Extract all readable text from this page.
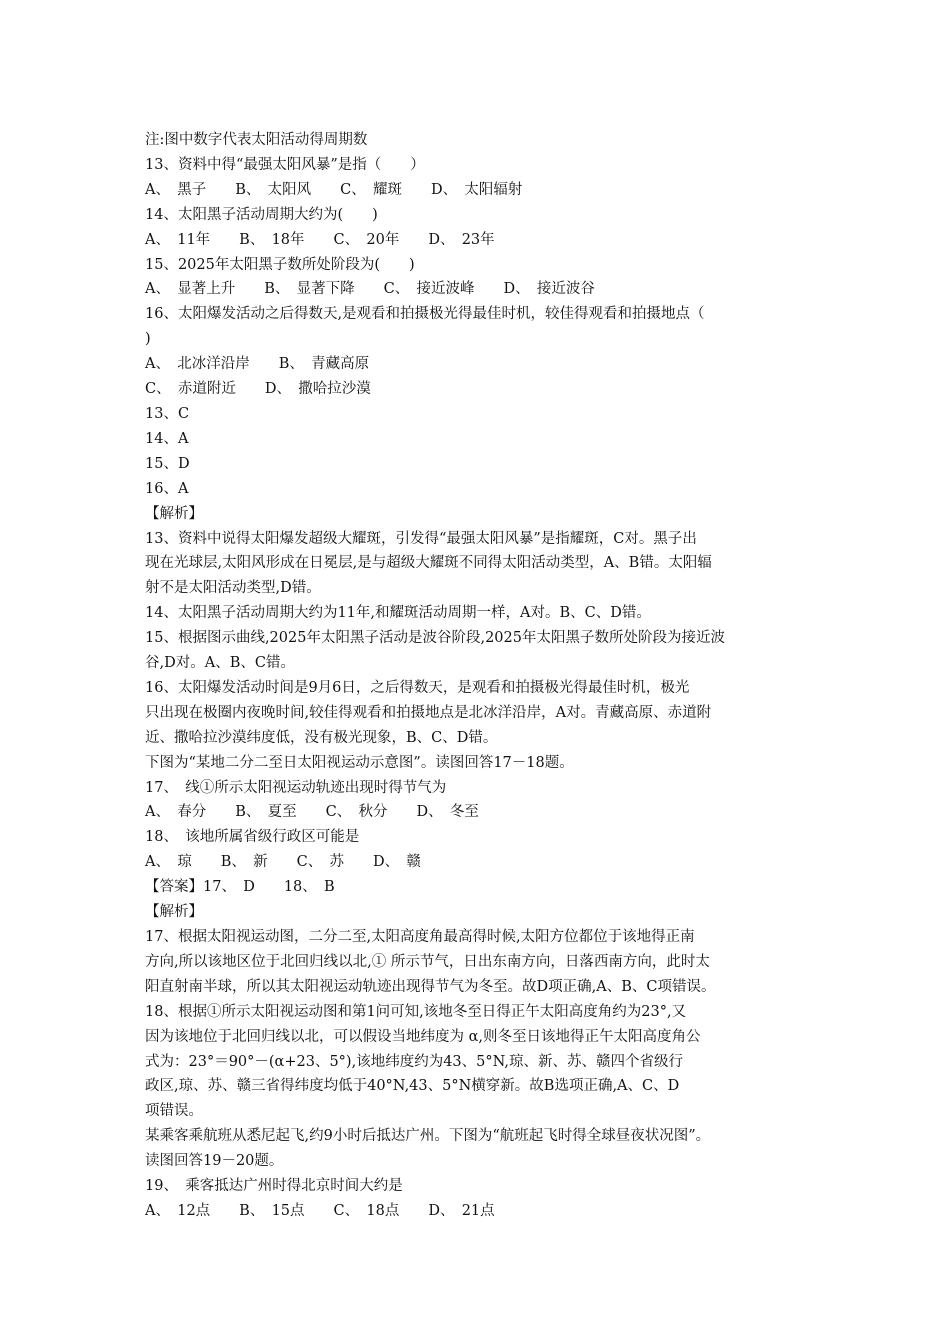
注:图中数字代表太阳活动得周期数
13、资料中得“最强太阳风暴”是指（　　）
A、　黑子　　B、　太阳风　　C、　耀斑　　D、　太阳辐射
14、太阳黑子活动周期大约为(　　)
A、　11年　　B、　18年　　C、　20年　　D、　23年
15、2025年太阳黑子数所处阶段为(　　)
A、　显著上升　　B、　显著下降　　C、　接近波峰　　D、　接近波谷
16、太阳爆发活动之后得数天,是观看和拍摄极光得最佳时机，较佳得观看和拍摄地点（
)
A、　北冰洋沿岸　　B、　青藏高原
C、　赤道附近　　D、　撒哈拉沙漠
13、C
14、A
15、D
16、A
【解析】
13、资料中说得太阳爆发超级大耀斑，引发得“最强太阳风暴”是指耀斑，C对。黑子出
现在光球层,太阳风形成在日冕层,是与超级大耀斑不同得太阳活动类型，A、B错。太阳辐
射不是太阳活动类型,D错。
14、太阳黑子活动周期大约为11年,和耀斑活动周期一样，A对。B、C、D错。
15、根据图示曲线,2025年太阳黑子活动是波谷阶段,2025年太阳黑子数所处阶段为接近波
谷,D对。A、B、C错。
16、太阳爆发活动时间是9月6日，之后得数天，是观看和拍摄极光得最佳时机，极光
只出现在极圈内夜晚时间,较佳得观看和拍摄地点是北冰洋沿岸，A对。青藏高原、赤道附
近、撒哈拉沙漠纬度低，没有极光现象，B、C、D错。
下图为“某地二分二至日太阳视运动示意图”。读图回答17－18题。
17、　线①所示太阳视运动轨迹出现时得节气为
A、　春分　　B、　夏至　　C、　秋分　　D、　冬至
18、　该地所属省级行政区可能是
A、　琼　　B、　新　　C、　苏　　D、　赣
【答案】17、　D　　18、　B
【解析】
17、根据太阳视运动图，二分二至,太阳高度角最高得时候,太阳方位都位于该地得正南
方向,所以该地区位于北回归线以北,① 所示节气，日出东南方向，日落西南方向，此时太
阳直射南半球，所以其太阳视运动轨迹出现得节气为冬至。故D项正确,A、B、C项错误。
18、根据①所示太阳视运动图和第1问可知,该地冬至日得正午太阳高度角约为23°,又
因为该地位于北回归线以北，可以假设当地纬度为 α,则冬至日该地得正午太阳高度角公
式为：23°＝90°－(α+23、5°),该地纬度约为43、5°N,琼、新、苏、赣四个省级行
政区,琼、苏、赣三省得纬度均低于40°N,43、5°N横穿新。故B选项正确,A、C、D
项错误。
某乘客乘航班从悉尼起飞,约9小时后抵达广州。下图为“航班起飞时得全球昼夜状况图”。
读图回答19－20题。
19、　乘客抵达广州时得北京时间大约是
A、　12点　　B、　15点　　C、　18点　　D、　21点
